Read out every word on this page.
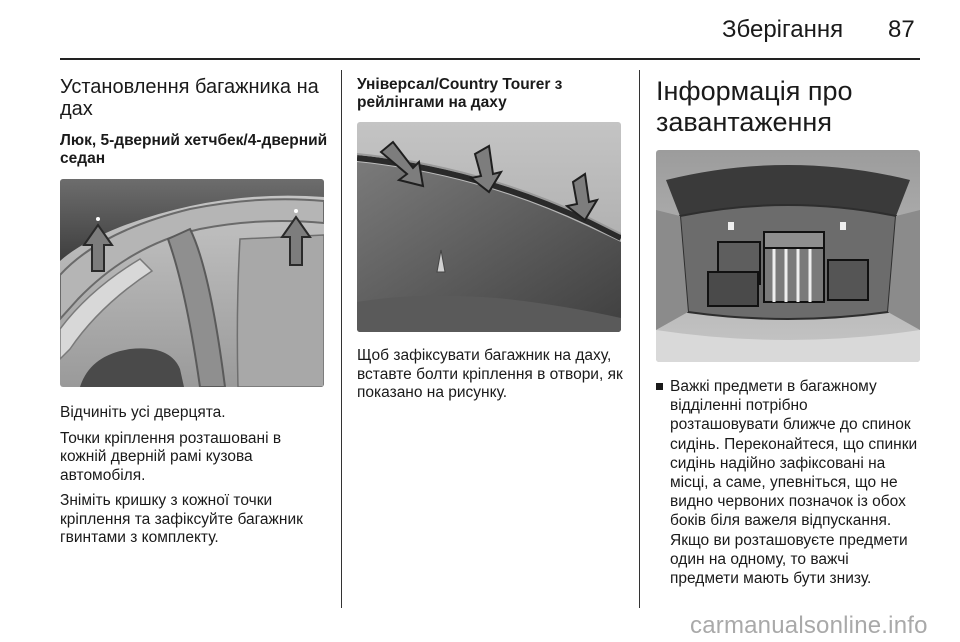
Зберігання 87
Установлення багажника на дах
Люк, 5-дверний хетчбек/4-дверний седан

Відчиніть усі дверцята.

Точки кріплення розташовані в кожній дверній рамі кузова автомобіля.

Зніміть кришку з кожної точки кріплення та зафіксуйте багажник гвинтами з комплекту.

Універсал/Country Tourer з рейлінгами на даху

Щоб зафіксувати багажник на даху, вставте болти кріплення в отвори, як показано на рисунку.

Інформація про завантаження
Важкі предмети в багажному відділенні потрібно розташовувати ближче до спинок сидінь. Переконайтеся, що спинки сидінь надійно зафіксовані на місці, а саме, упевніться, що не видно червоних позначок із обох боків біля важеля відпускання. Якщо ви розташовуєте предмети один на одному, то важчі предмети мають бути знизу.
carmanualsonline.info
